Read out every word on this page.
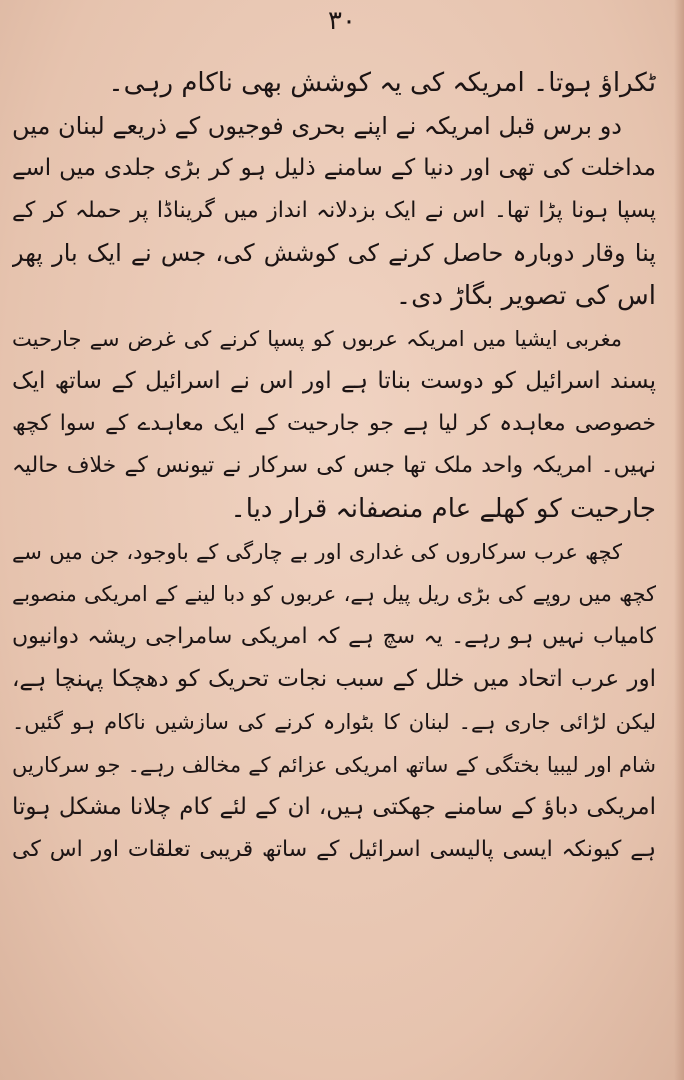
۳۰
ٹکراؤ ہوتا۔ امریکہ کی یہ کوشش بھی ناکام رہی۔
دو برس قبل امریکہ نے اپنے بحری فوجیوں کے ذریعے لبنان میں
مداخلت کی تھی اور دنیا کے سامنے ذلیل ہو کر بڑی جلدی میں اسے
پسپا ہونا پڑا تھا۔ اس نے ایک بزدلانہ انداز میں گریناڈا پر حملہ کر کے
پنا وقار دوبارہ حاصل کرنے کی کوشش کی، جس نے ایک بار پھر
اس کی تصویر بگاڑ دی۔
مغربی ایشیا میں امریکہ عربوں کو پسپا کرنے کی غرض سے جارحیت
پسند اسرائیل کو دوست بناتا ہے اور اس نے اسرائیل کے ساتھ ایک
خصوصی معاہدہ کر لیا ہے جو جارحیت کے ایک معاہدے کے سوا کچھ
نہیں۔ امریکہ واحد ملک تھا جس کی سرکار نے تیونس کے خلاف حالیہ
جارحیت کو کھلے عام منصفانہ قرار دیا۔
کچھ عرب سرکاروں کی غداری اور بے چارگی کے باوجود، جن میں سے
کچھ میں روپے کی بڑی ریل پیل ہے، عربوں کو دبا لینے کے امریکی منصوبے
کامیاب نہیں ہو رہے۔ یہ سچ ہے کہ امریکی سامراجی ریشہ دوانیوں
اور عرب اتحاد میں خلل کے سبب نجات تحریک کو دھچکا پہنچا ہے،
لیکن لڑائی جاری ہے۔ لبنان کا بٹوارہ کرنے کی سازشیں ناکام ہو گئیں۔
شام اور لیبیا بختگی کے ساتھ امریکی عزائم کے مخالف رہے۔ جو سرکاریں
امریکی دباؤ کے سامنے جھکتی ہیں، ان کے لئے کام چلانا مشکل ہوتا
ہے کیونکہ ایسی پالیسی اسرائیل کے ساتھ قریبی تعلقات اور اس کی
